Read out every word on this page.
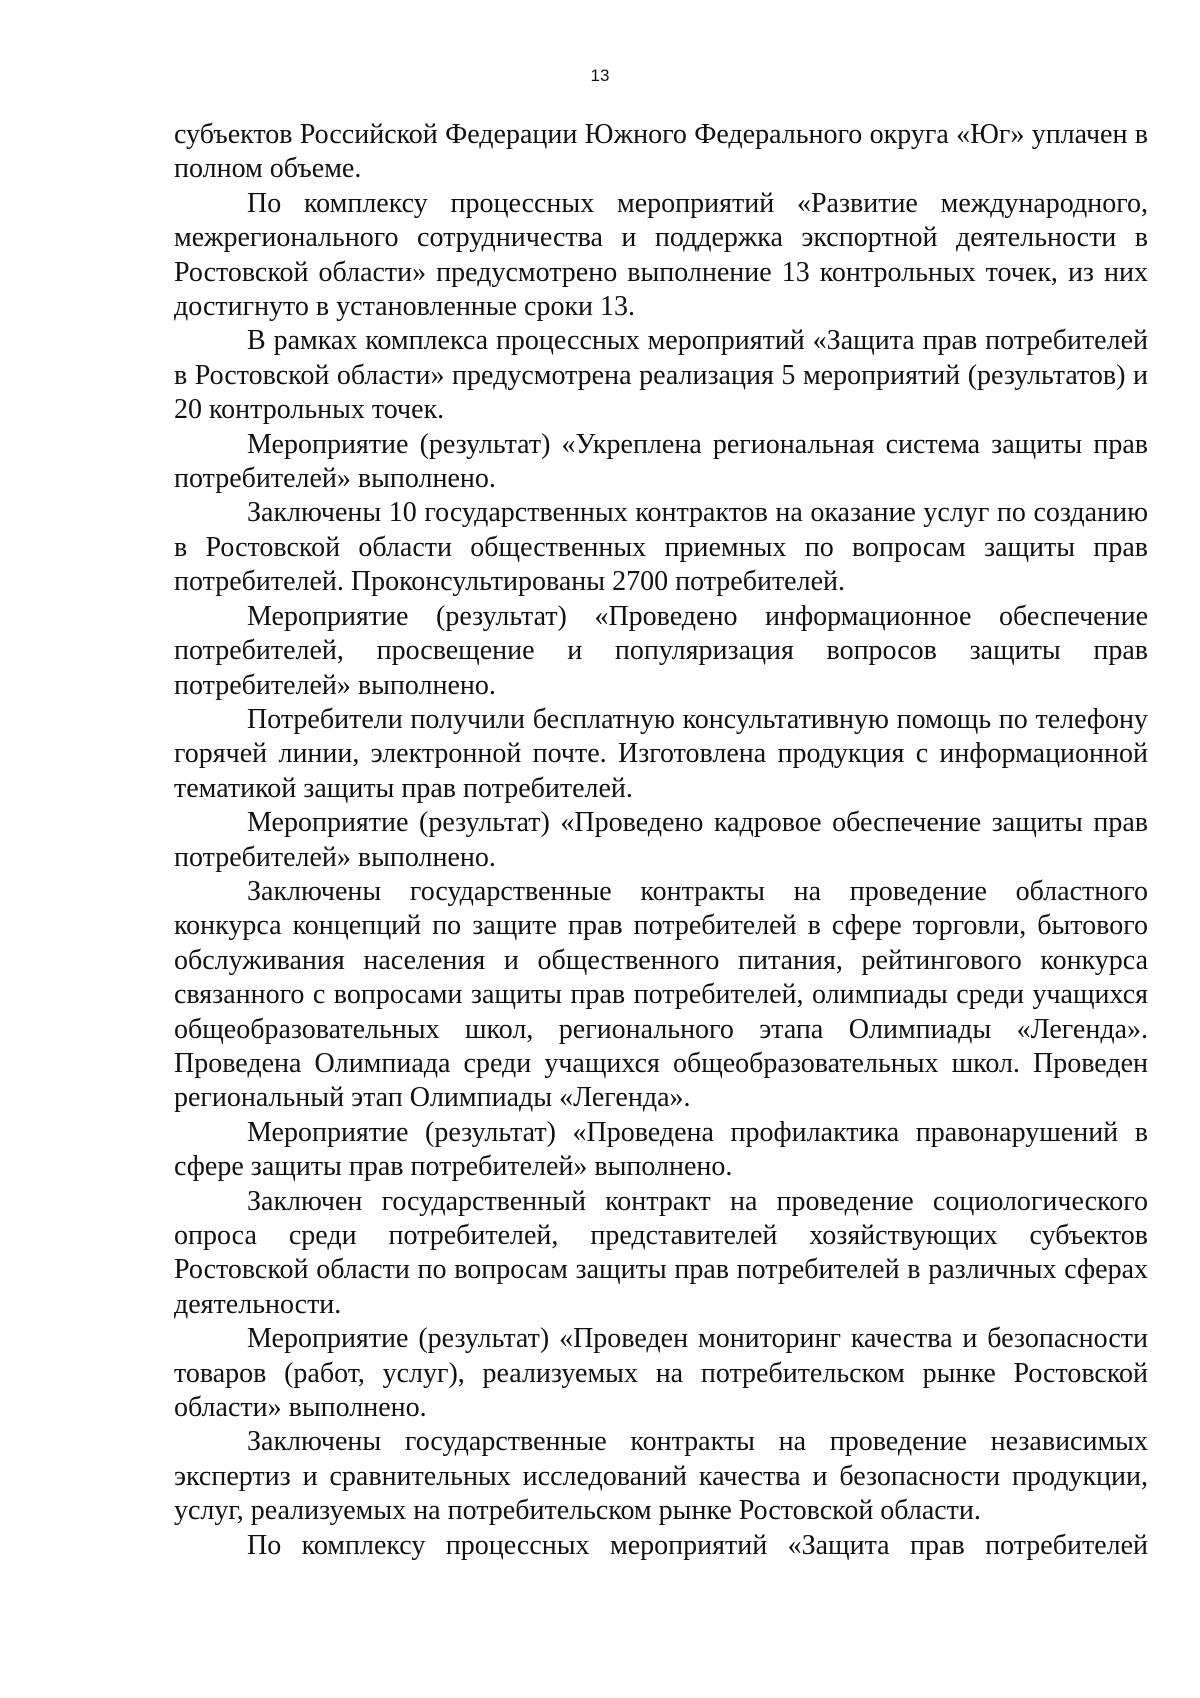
13

субъектов Российской Федерации Южного Федерального округа «Юг» уплачен в полном объеме.

По комплексу процессных мероприятий «Развитие международного, межрегионального сотрудничества и поддержка экспортной деятельности в Ростовской области» предусмотрено выполнение 13 контрольных точек, из них достигнуто в установленные сроки 13.

В рамках комплекса процессных мероприятий «Защита прав потребителей в Ростовской области» предусмотрена реализация 5 мероприятий (результатов) и 20 контрольных точек.

Мероприятие (результат) «Укреплена региональная система защиты прав потребителей» выполнено.

Заключены 10 государственных контрактов на оказание услуг по созданию в Ростовской области общественных приемных по вопросам защиты прав потребителей. Проконсультированы 2700 потребителей.

Мероприятие (результат) «Проведено информационное обеспечение потребителей, просвещение и популяризация вопросов защиты прав потребителей» выполнено.

Потребители получили бесплатную консультативную помощь по телефону горячей линии, электронной почте. Изготовлена продукция с информационной тематикой защиты прав потребителей.

Мероприятие (результат) «Проведено кадровое обеспечение защиты прав потребителей» выполнено.

Заключены государственные контракты на проведение областного конкурса концепций по защите прав потребителей в сфере торговли, бытового обслуживания населения и общественного питания, рейтингового конкурса связанного с вопросами защиты прав потребителей, олимпиады среди учащихся общеобразовательных школ, регионального этапа Олимпиады «Легенда». Проведена Олимпиада среди учащихся общеобразовательных школ. Проведен региональный этап Олимпиады «Легенда».

Мероприятие (результат) «Проведена профилактика правонарушений в сфере защиты прав потребителей» выполнено.

Заключен государственный контракт на проведение социологического опроса среди потребителей, представителей хозяйствующих субъектов Ростовской области по вопросам защиты прав потребителей в различных сферах деятельности.

Мероприятие (результат) «Проведен мониторинг качества и безопасности товаров (работ, услуг), реализуемых на потребительском рынке Ростовской области» выполнено.

Заключены государственные контракты на проведение независимых экспертиз и сравнительных исследований качества и безопасности продукции, услуг, реализуемых на потребительском рынке Ростовской области.

По комплексу процессных мероприятий «Защита прав потребителей
